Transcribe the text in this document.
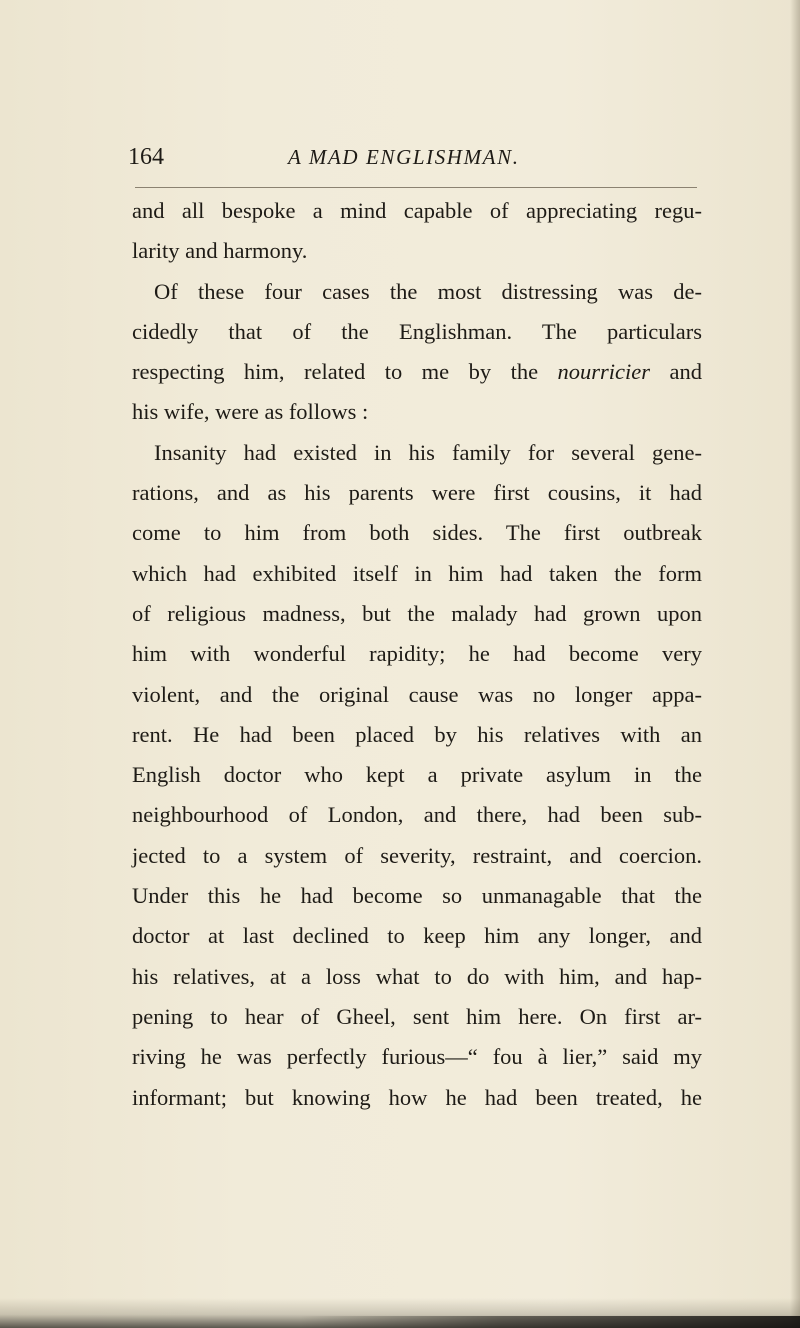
164	A MAD ENGLISHMAN.
and all bespoke a mind capable of appreciating regu-
larity and harmony.
Of these four cases the most distressing was de-
cidedly that of the Englishman. The particulars
respecting him, related to me by the nourricier and
his wife, were as follows :
Insanity had existed in his family for several gene-
rations, and as his parents were first cousins, it had
come to him from both sides. The first outbreak
which had exhibited itself in him had taken the form
of religious madness, but the malady had grown upon
him with wonderful rapidity; he had become very
violent, and the original cause was no longer appa-
rent. He had been placed by his relatives with an
English doctor who kept a private asylum in the
neighbourhood of London, and there, had been sub-
jected to a system of severity, restraint, and coercion.
Under this he had become so unmanagable that the
doctor at last declined to keep him any longer, and
his relatives, at a loss what to do with him, and hap-
pening to hear of Gheel, sent him here. On first ar-
riving he was perfectly furious—“ fou à lier,” said my
informant; but knowing how he had been treated, he
